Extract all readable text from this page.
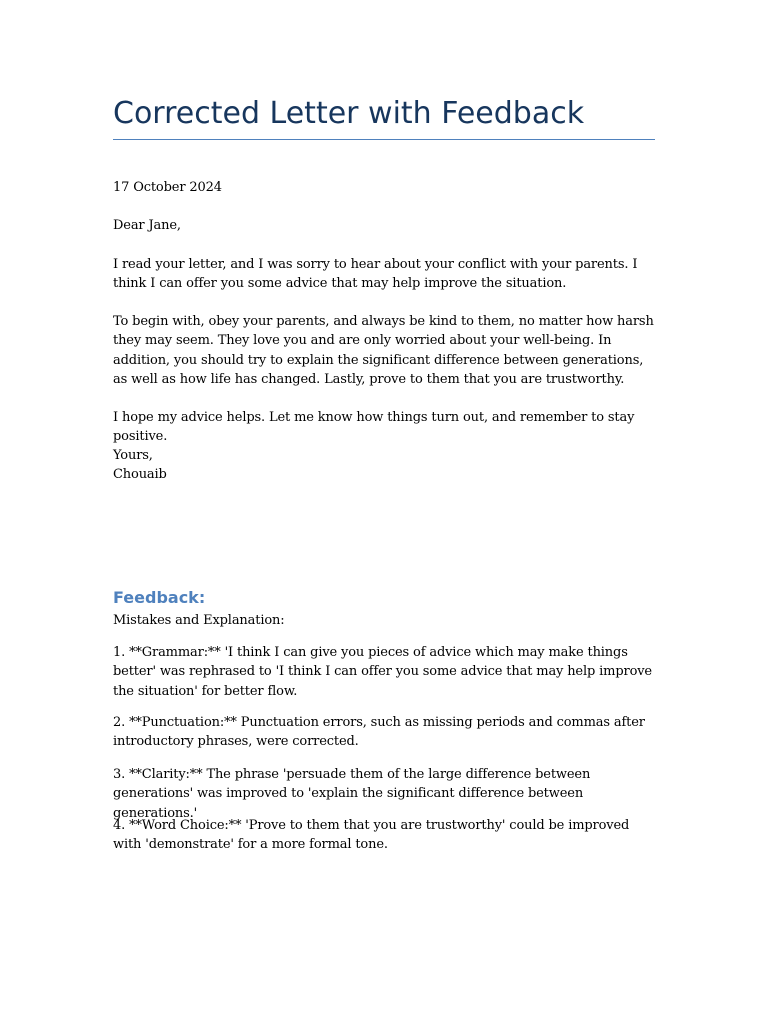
Corrected Letter with Feedback

17 October 2024

Dear Jane,

I read your letter, and I was sorry to hear about your conflict with your parents. I think I can offer you some advice that may help improve the situation.

To begin with, obey your parents, and always be kind to them, no matter how harsh they may seem. They love you and are only worried about your well-being. In addition, you should try to explain the significant difference between generations, as well as how life has changed. Lastly, prove to them that you are trustworthy.

I hope my advice helps. Let me know how things turn out, and remember to stay positive.

Yours,
Chouaib
Feedback:

Mistakes and Explanation:

1. **Grammar:** 'I think I can give you pieces of advice which may make things better' was rephrased to 'I think I can offer you some advice that may help improve the situation' for better flow.

2. **Punctuation:** Punctuation errors, such as missing periods and commas after introductory phrases, were corrected.

3. **Clarity:** The phrase 'persuade them of the large difference between generations' was improved to 'explain the significant difference between generations.'

4. **Word Choice:** 'Prove to them that you are trustworthy' could be improved with 'demonstrate' for a more formal tone.
